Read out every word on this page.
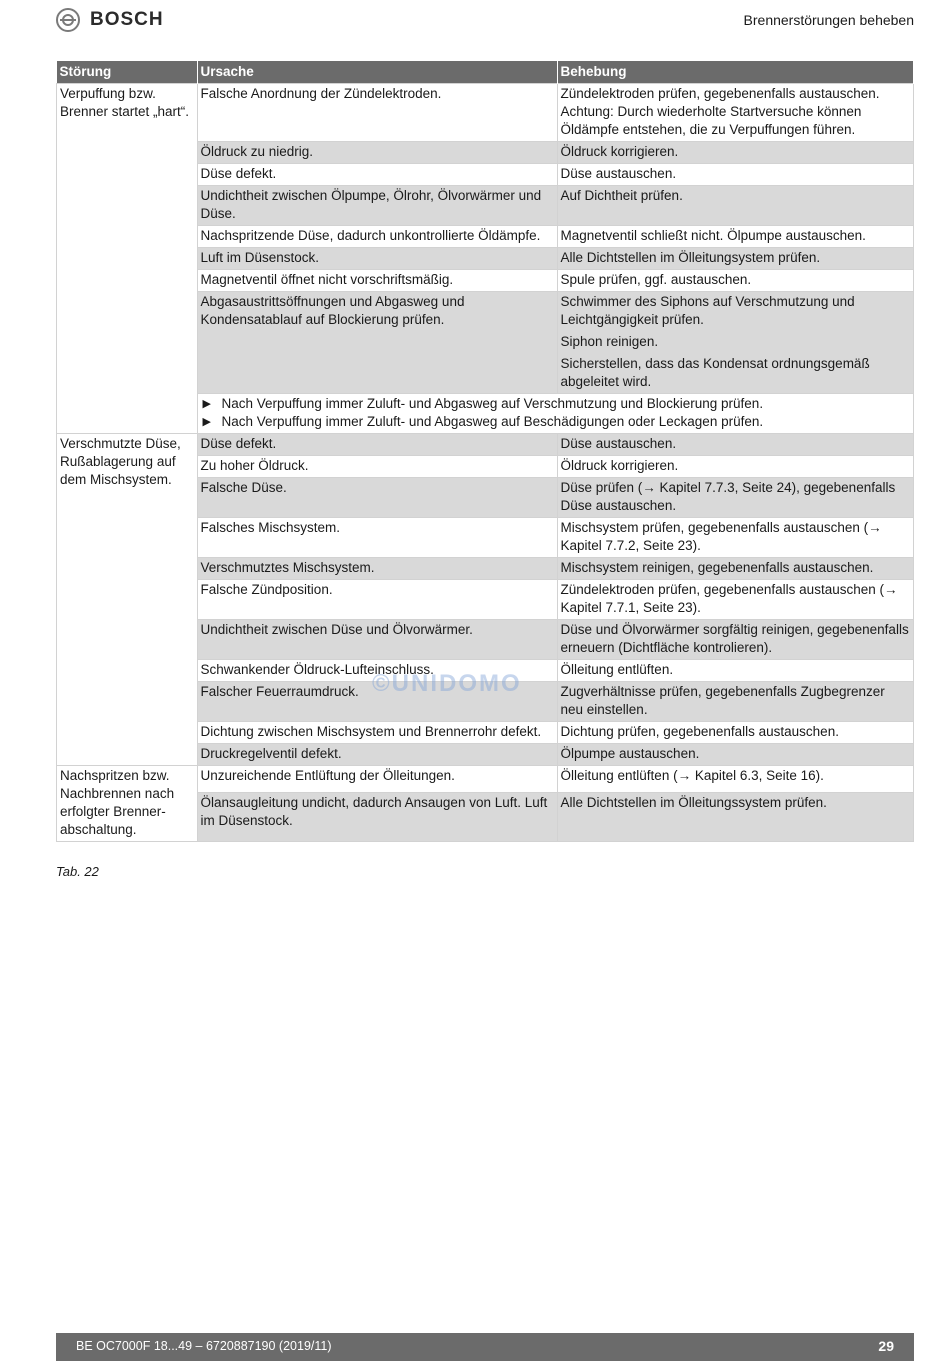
BOSCH	Brennerstörungen beheben
Störung	Ursache	Behebung
Verpuffung bzw. Brenner startet „hart“.	Falsche Anordnung der Zündelektroden.	Zündelektroden prüfen, gegebenenfalls austauschen. Achtung: Durch wiederholte Startversuche können Öldämpfe entstehen, die zu Verpuffungen führen.

	Öldruck zu niedrig.	Öldruck korrigieren.

	Düse defekt.	Düse austauschen.

	Undichtheit zwischen Ölpumpe, Ölrohr, Ölvorwärmer und Düse.	Auf Dichtheit prüfen.

	Nachspritzende Düse, dadurch unkontrollierte Öldämpfe.	Magnetventil schließt nicht. Ölpumpe austauschen.

	Luft im Düsenstock.	Alle Dichtstellen im Ölleitungsystem prüfen.

	Magnetventil öffnet nicht vorschriftsmäßig.	Spule prüfen, ggf. austauschen.

	Abgasaustrittsöffnungen und Abgasweg und Kondensatablauf auf Blockierung prüfen.	Schwimmer des Siphons auf Verschmutzung und Leichtgängigkeit prüfen.
Siphon reinigen.
Sicherstellen, dass das Kondensat ordnungsgemäß abgeleitet wird.

	▶ Nach Verpuffung immer Zuluft- und Abgasweg auf Verschmutzung und Blockierung prüfen.
▶ Nach Verpuffung immer Zuluft- und Abgasweg auf Beschädigungen oder Leckagen prüfen.	

Verschmutzte Düse, Rußablagerung auf dem Mischsystem.	Düse defekt.	Düse austauschen.

	Zu hoher Öldruck.	Öldruck korrigieren.

	Falsche Düse.	Düse prüfen (→ Kapitel 7.7.3, Seite 24), gegebenenfalls Düse austauschen.

	Falsches Mischsystem.	Mischsystem prüfen, gegebenenfalls austauschen (→ Kapitel 7.7.2, Seite 23).

	Verschmutztes Mischsystem.	Mischsystem reinigen, gegebenenfalls austauschen.

	Falsche Zündposition.	Zündelektroden prüfen, gegebenenfalls austauschen (→ Kapitel 7.7.1, Seite 23).

	Undichtheit zwischen Düse und Ölvorwärmer.	Düse und Ölvorwärmer sorgfältig reinigen, gegebenenfalls erneuern (Dichtfläche kontrolieren).

	Schwankender Öldruck-Lufteinschluss.	Ölleitung entlüften.

	Falscher Feuerraumdruck.	Zugverhältnisse prüfen, gegebenenfalls Zugbegrenzer neu einstellen.

	Dichtung zwischen Mischsystem und Brennerrohr defekt.	Dichtung prüfen, gegebenenfalls austauschen.

	Druckregelventil defekt.	Ölpumpe austauschen.

Nachspritzen bzw. Nachbrennen nach erfolgter Brenner-abschaltung.	Unzureichende Entlüftung der Ölleitungen.	Ölleitung entlüften (→ Kapitel 6.3, Seite 16).

	Ölansaugleitung undicht, dadurch Ansaugen von Luft. Luft im Düsenstock.	Alle Dichtstellen im Ölleitungssystem prüfen.
Tab. 22
©UNIDOMO
BE OC7000F 18...49 – 6720887190 (2019/11)	29
